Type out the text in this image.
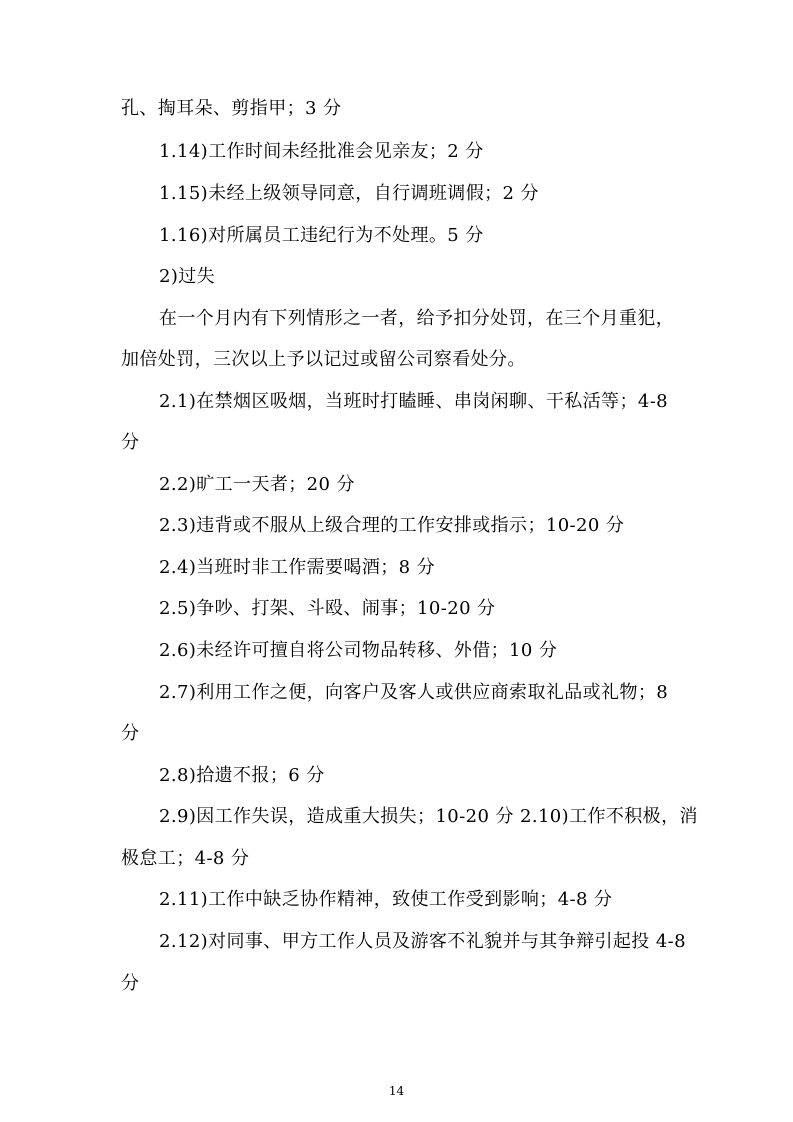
孔、掏耳朵、剪指甲；3 分
1.14)工作时间未经批准会见亲友；2 分
1.15)未经上级领导同意，自行调班调假；2 分
1.16)对所属员工违纪行为不处理。5 分
2)过失
在一个月内有下列情形之一者，给予扣分处罚，在三个月重犯，
加倍处罚，三次以上予以记过或留公司察看处分。
2.1)在禁烟区吸烟，当班时打瞌睡、串岗闲聊、干私活等；4-8
分
2.2)旷工一天者；20 分
2.3)违背或不服从上级合理的工作安排或指示；10-20 分
2.4)当班时非工作需要喝酒；8 分
2.5)争吵、打架、斗殴、闹事；10-20 分
2.6)未经许可擅自将公司物品转移、外借；10 分
2.7)利用工作之便，向客户及客人或供应商索取礼品或礼物；8
分
2.8)拾遗不报；6 分
2.9)因工作失误，造成重大损失；10-20 分 2.10)工作不积极，消
极怠工；4-8 分
2.11)工作中缺乏协作精神，致使工作受到影响；4-8 分
2.12)对同事、甲方工作人员及游客不礼貌并与其争辩引起投 4-8
分
14
